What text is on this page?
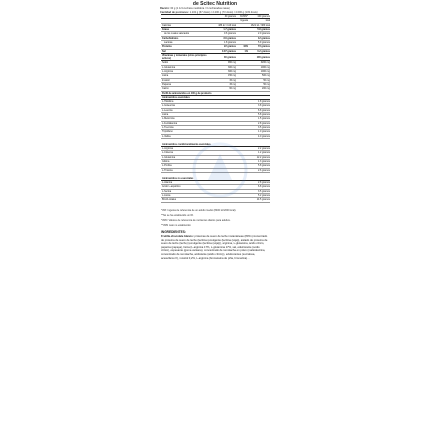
de Scitec Nutrition
Ración: 30 g (1 1/4 cuchara medidora / 3 cucharadas rasas)
Cantidad de porciones: 1.132 g (67 dosis) / 2.200 g (73 dosis) / 4.000 g (133 dosis)
	30 gramos	%VRN*	100 gramos
		Ingesta	kcal
Calorías	486 kJ / 116 kcal		1621 kJ / 386 kcal
Grasa	1.7 gramos		5.8 gramos
de los cuales saturados	0.6 gramos		2.0 gramos
Carbohidratos	3.6 gramos		12 gramos
Lactosa	1.8 gramos		5.9 gramos
Proteína	22 gramos	44%	73 gramos
Sal	0.07 gramos	1%	0.2 gramos
Vitaminas y minerales (otros principios activos)	30 gramos		100 gramos
Sodio	960 mg		3200 mg
L-Glutamina	300 mg		1000 mg
L-Arginina	300 mg		1000 mg
Lisina	150 mg		500 mg
Inositol	15 mg		50 mg
Papaína	15 mg		50 mg
Calcio	60 mg		200 mg
Perfil de aminoácidos en 100 g de producto			
Aminoácidos esenciales			
L-Histidina			1.8 gramos
L-Isoleucina			3.8 gramos
L-Leucina			6.8 gramos
Lisina			5.8 gramos
L-Metionina			1.5 gramos
L-Fenilalanina			2.8 gramos
L-Treonina			3.5 gramos
Triptófano			1.0 gramos
L-Valina			4.0 gramos

Aminoácidos condicionalmente esenciales			
L-Arginina			2.2 gramos
L-Cisteína			1.2 gramos
L-Glutamina			12.2 gramos
Glicina			1.3 gramos
L-Prolina			5.8 gramos
L-Tirosina			2.6 gramos

Aminoácidos no esenciales			
L-Alanina			2.8 gramos
Ácido L-aspártico			6.8 gramos
L-Serina			3.5 gramos
L-Lisina			5.2 gramos
BCAA totales			14.5 gramos

*VRI: Ingesta de referencia de un adulto medio (8400 kJ/2000 kcal).

**No se ha establecido un IR.

*VRN: Valores de referencia de nutrientes diarios para adultos.

**VRN nato no establecido

INGREDIENTES:
Frutilla-chocolate blanco: proteínas de suero de leche instantáneas (80% (concentrado de proteína de suero de leche (lecitina (emulgente (lecitina (soja)), aislado de proteína de suero de leche (leche) (emulgente (lecitina (soja))), arginina, L-glutamina, ácido cítrico, papaína (papaya), lisina (L-arginina 17%, L-glutamina 17%, sal, edulcorante (sodio cítrico), espesante (goma xantana), concentrado de remolacha en polvo (maltodextrina, concentrado de remolacha, acidulante (ácido cítrico)), edulcorantes (sucralosa, acesulfamo K), inositol 0,2%, L-arginina (bromelaína de piña, bromelina)...
